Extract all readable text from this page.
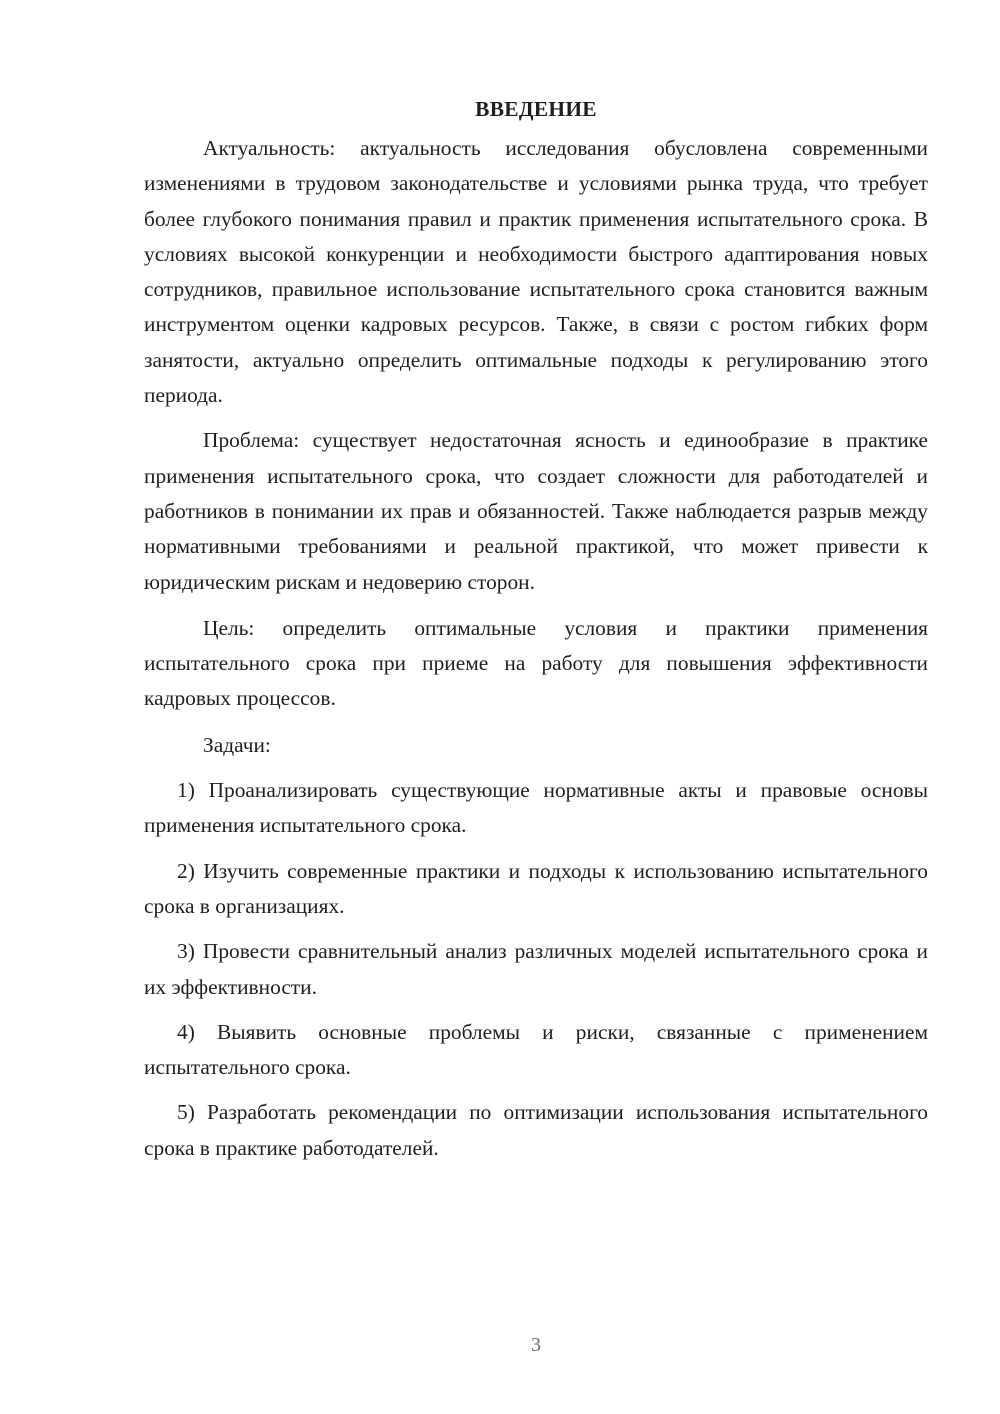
ВВЕДЕНИЕ

Актуальность: актуальность исследования обусловлена современными изменениями в трудовом законодательстве и условиями рынка труда, что требует более глубокого понимания правил и практик применения испытательного срока. В условиях высокой конкуренции и необходимости быстрого адаптирования новых сотрудников, правильное использование испытательного срока становится важным инструментом оценки кадровых ресурсов. Также, в связи с ростом гибких форм занятости, актуально определить оптимальные подходы к регулированию этого периода.

Проблема: существует недостаточная ясность и единообразие в практике применения испытательного срока, что создает сложности для работодателей и работников в понимании их прав и обязанностей. Также наблюдается разрыв между нормативными требованиями и реальной практикой, что может привести к юридическим рискам и недоверию сторон.

Цель: определить оптимальные условия и практики применения испытательного срока при приеме на работу для повышения эффективности кадровых процессов.

Задачи:

1) Проанализировать существующие нормативные акты и правовые основы применения испытательного срока.

2) Изучить современные практики и подходы к использованию испытательного срока в организациях.

3) Провести сравнительный анализ различных моделей испытательного срока и их эффективности.

4) Выявить основные проблемы и риски, связанные с применением испытательного срока.

5) Разработать рекомендации по оптимизации использования испытательного срока в практике работодателей.

3
